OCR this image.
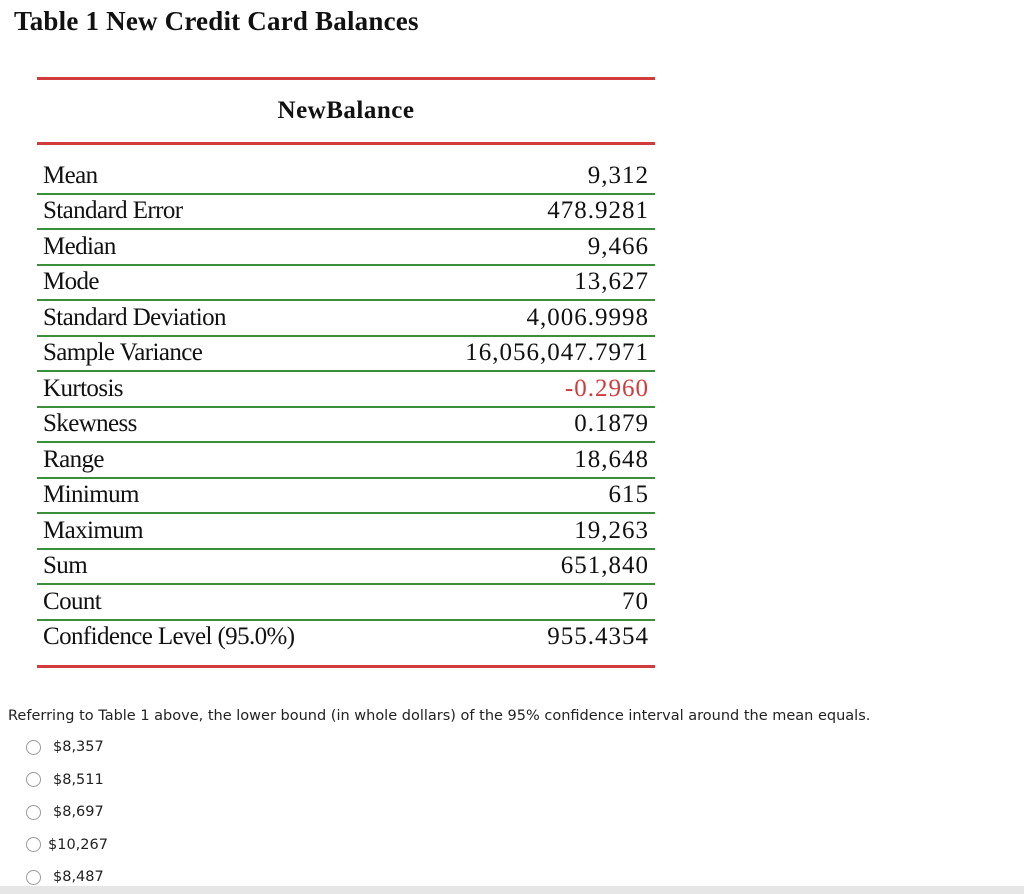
Table 1 New Credit Card Balances
NewBalance
Mean	9,312
Standard Error	478.9281
Median	9,466
Mode	13,627
Standard Deviation	4,006.9998
Sample Variance	16,056,047.7971
Kurtosis	-0.2960
Skewness	0.1879
Range	18,648
Minimum	615
Maximum	19,263
Sum	651,840
Count	70
Confidence Level (95.0%)	955.4354
Referring to Table 1 above, the lower bound (in whole dollars) of the 95% confidence interval around the mean equals.
$8,357
$8,511
$8,697
$10,267
$8,487
